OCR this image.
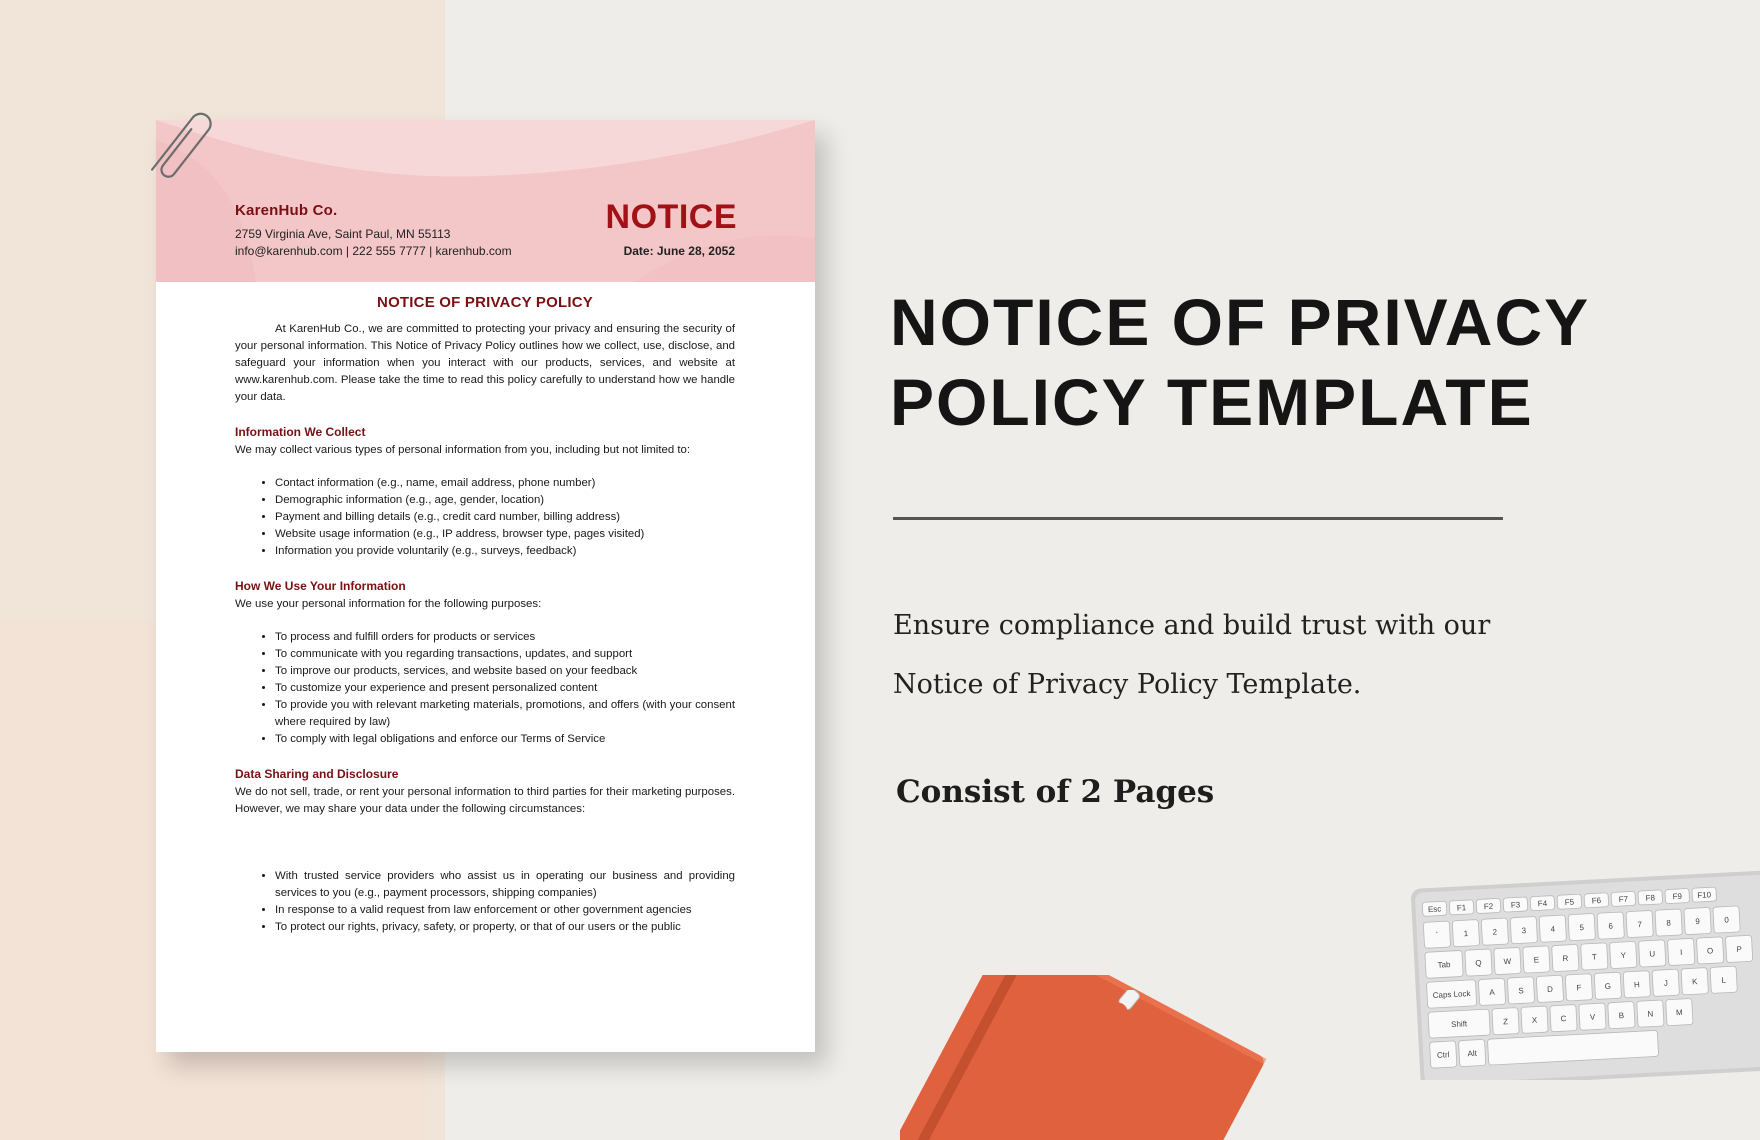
KarenHub Co.
2759 Virginia Ave, Saint Paul, MN 55113
info@karenhub.com | 222 555 7777 | karenhub.com
NOTICE
Date: June 28, 2052
NOTICE OF PRIVACY POLICY

At KarenHub Co., we are committed to protecting your privacy and ensuring the security of your personal information. This Notice of Privacy Policy outlines how we collect, use, disclose, and safeguard your information when you interact with our products, services, and website at www.karenhub.com. Please take the time to read this policy carefully to understand how we handle your data.

Information We Collect

We may collect various types of personal information from you, including but not limited to:

• Contact information (e.g., name, email address, phone number)
• Demographic information (e.g., age, gender, location)
• Payment and billing details (e.g., credit card number, billing address)
• Website usage information (e.g., IP address, browser type, pages visited)
• Information you provide voluntarily (e.g., surveys, feedback)
How We Use Your Information

We use your personal information for the following purposes:

• To process and fulfill orders for products or services
• To communicate with you regarding transactions, updates, and support
• To improve our products, services, and website based on your feedback
• To customize your experience and present personalized content
• To provide you with relevant marketing materials, promotions, and offers (with your consent where required by law)
• To comply with legal obligations and enforce our Terms of Service
Data Sharing and Disclosure

We do not sell, trade, or rent your personal information to third parties for their marketing purposes. However, we may share your data under the following circumstances:

• With trusted service providers who assist us in operating our business and providing services to you (e.g., payment processors, shipping companies)
• In response to a valid request from law enforcement or other government agencies
• To protect our rights, privacy, safety, or property, or that of our users or the public
NOTICE OF PRIVACY
POLICY TEMPLATE
Ensure compliance and build trust with our
Notice of Privacy Policy Template.
Consist of 2 Pages
Esc F1 F2 F3 F4 F5 F6 F7 F8 F9 F10
`	1	2	3	4	5	6	7	8	9	0
Tab	Q	W	E	R	T	Y	U	I	O	P
Caps Lock A	S	D	F	G	H	J	K	L
Shift	Z	X	C	V	B	N	M
Ctrl Alt
